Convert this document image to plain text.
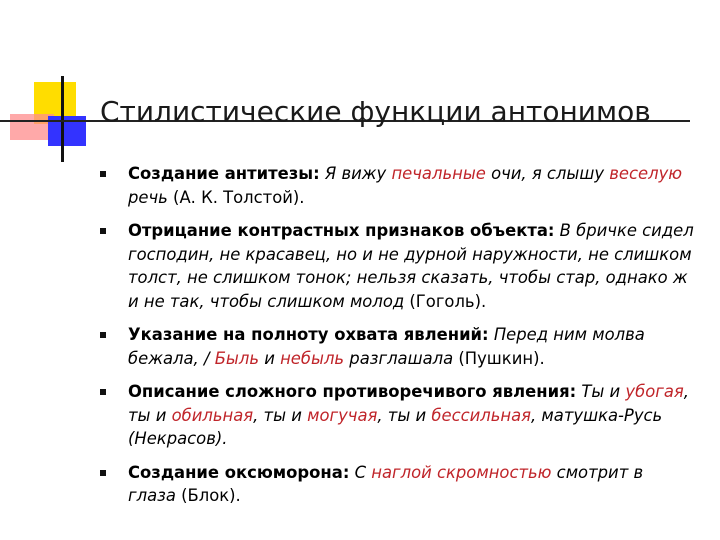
Стилистические функции антонимов
Создание антитезы: Я вижу печальные очи, я слышу веселую речь (А. К. Толстой).
Отрицание контрастных признаков объекта: В бричке сидел господин, не красавец, но и не дурной наружности, не слишком толст, не слишком тонок; нельзя сказать, чтобы стар, однако ж и не так, чтобы слишком молод (Гоголь).
Указание на полноту охвата явлений: Перед ним молва бежала, / Быль и небыль разглашала (Пушкин).
Описание сложного противоречивого явления: Ты и убогая, ты и обильная, ты и могучая, ты и бессильная, матушка-Русь (Некрасов).
Создание оксюморона: С наглой скромностью смотрит в глаза (Блок).
